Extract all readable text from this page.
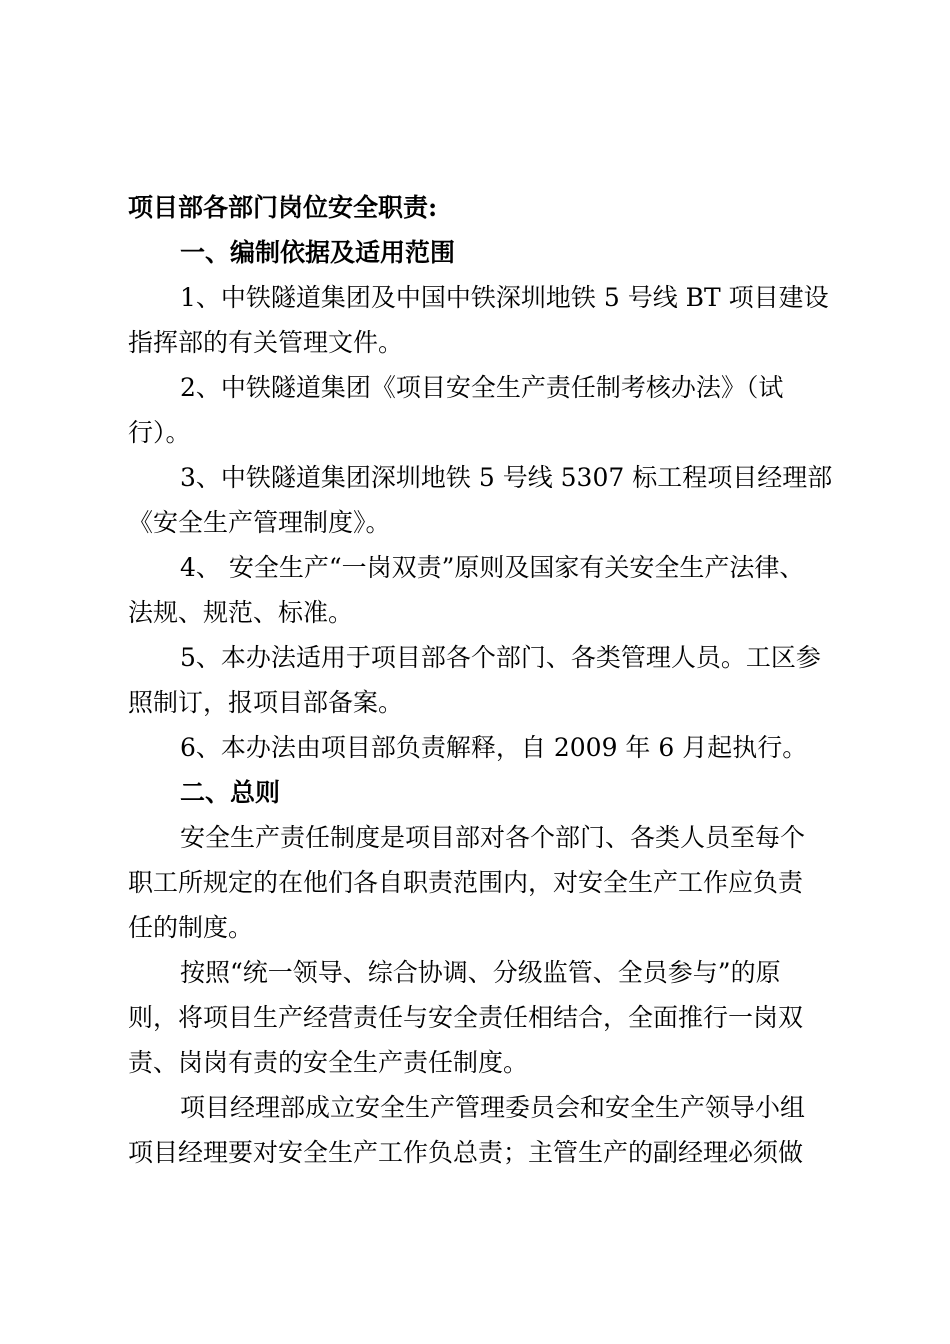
项目部各部门岗位安全职责:
一、编制依据及适用范围
1、中铁隧道集团及中国中铁深圳地铁 5 号线 BT 项目建设
指挥部的有关管理文件。
2、中铁隧道集团《项目安全生产责任制考核办法》（试
行）。
3、中铁隧道集团深圳地铁 5 号线 5307 标工程项目经理部
《安全生产管理制度》。
4、 安全生产“一岗双责”原则及国家有关安全生产法律、
法规、规范、标准。
5、本办法适用于项目部各个部门、各类管理人员。工区参
照制订，报项目部备案。
6、本办法由项目部负责解释，自 2009 年 6 月起执行。
二、总则
安全生产责任制度是项目部对各个部门、各类人员至每个
职工所规定的在他们各自职责范围内，对安全生产工作应负责
任的制度。
按照“统一领导、综合协调、分级监管、全员参与”的原
则，将项目生产经营责任与安全责任相结合，全面推行一岗双
责、岗岗有责的安全生产责任制度。
项目经理部成立安全生产管理委员会和安全生产领导小组
项目经理要对安全生产工作负总责；主管生产的副经理必须做
